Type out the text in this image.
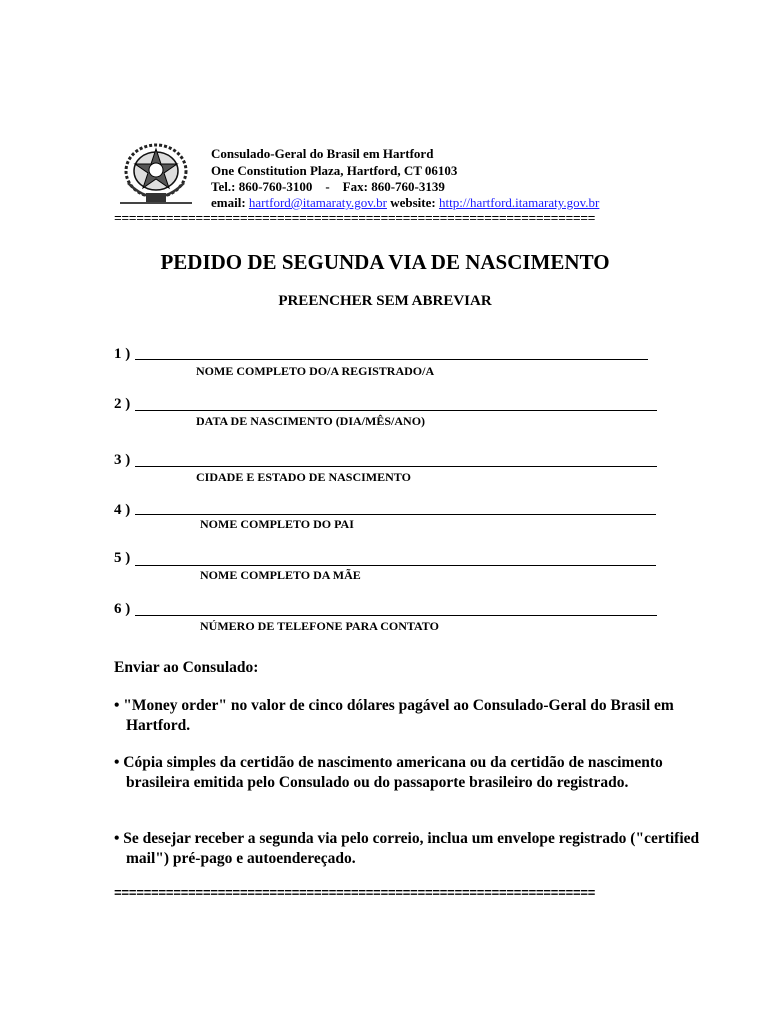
Consulado-Geral do Brasil em Hartford
One Constitution Plaza, Hartford, CT 06103
Tel.: 860-760-3100    -    Fax: 860-760-3139
email: hartford@itamaraty.gov.br website: http://hartford.itamaraty.gov.br
=================================================================
PEDIDO DE SEGUNDA VIA DE NASCIMENTO
PREENCHER SEM ABREVIAR
1 )
NOME COMPLETO DO/A REGISTRADO/A
2 )
DATA DE NASCIMENTO (DIA/MÊS/ANO)
3 )
CIDADE E ESTADO DE NASCIMENTO
4 )
NOME COMPLETO DO PAI
5 )
NOME COMPLETO DA MÃE
6 )
NÚMERO DE TELEFONE PARA CONTATO
Enviar ao Consulado:
• "Money order" no valor de cinco dólares pagável ao Consulado-Geral do Brasil em Hartford.
• Cópia simples da certidão de nascimento americana ou da certidão de nascimento brasileira emitida pelo Consulado ou do passaporte brasileiro do registrado.
• Se desejar receber a segunda via pelo correio, inclua um envelope registrado ("certified mail") pré-pago e autoendereçado.
=================================================================
